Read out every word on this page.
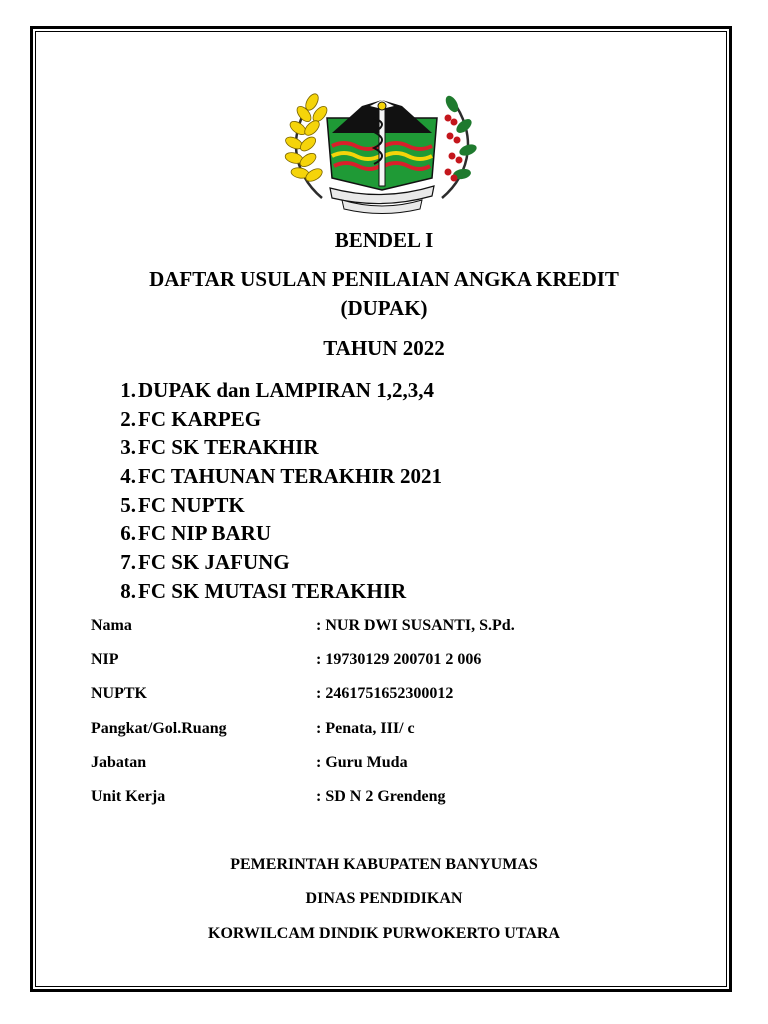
BENDEL I
DAFTAR USULAN PENILAIAN ANGKA KREDIT
(DUPAK)
TAHUN 2022
1.DUPAK dan LAMPIRAN 1,2,3,4
2.FC KARPEG
3.FC SK TERAKHIR
4.FC TAHUNAN TERAKHIR 2021
5.FC NUPTK
6.FC NIP BARU
7.FC SK JAFUNG
8.FC SK MUTASI TERAKHIR
Nama	: NUR DWI SUSANTI, S.Pd.
NIP	: 19730129 200701 2 006
NUPTK	: 2461751652300012
Pangkat/Gol.Ruang	: Penata, III/ c
Jabatan	: Guru Muda
Unit Kerja	: SD N 2 Grendeng
PEMERINTAH KABUPATEN BANYUMAS
DINAS PENDIDIKAN
KORWILCAM DINDIK PURWOKERTO UTARA
